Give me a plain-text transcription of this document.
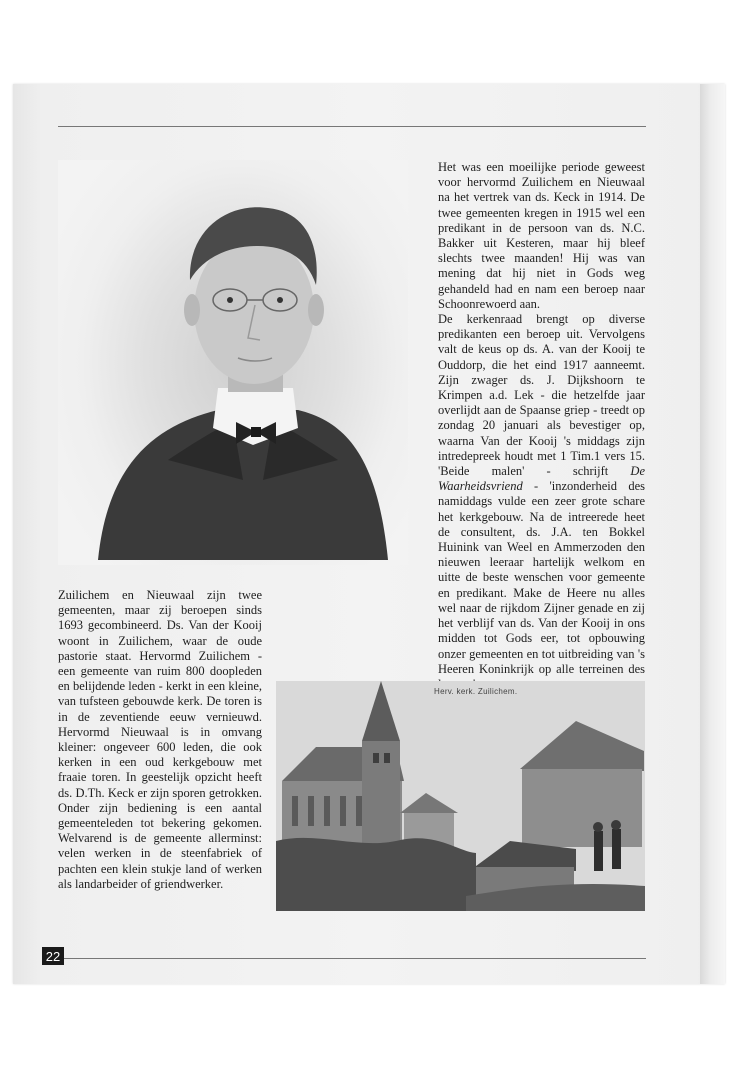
Het was een moeilijke periode geweest voor hervormd Zuilichem en Nieuwaal na het vertrek van ds. Keck in 1914. De twee gemeenten kregen in 1915 wel een predikant in de persoon van ds. N.C. Bakker uit Kesteren, maar hij bleef slechts twee maanden! Hij was van mening dat hij niet in Gods weg gehandeld had en nam een beroep naar Schoonrewoerd aan.

De kerkenraad brengt op diverse predikanten een beroep uit. Vervolgens valt de keus op ds. A. van der Kooij te Ouddorp, die het eind 1917 aanneemt. Zijn zwager ds. J. Dijkshoorn te Krimpen a.d. Lek - die hetzelfde jaar overlijdt aan de Spaanse griep - treedt op zondag 20 januari als bevestiger op, waarna Van der Kooij 's middags zijn intredepreek houdt met 1 Tim.1 vers 15. 'Beide malen' - schrijft De Waarheidsvriend - 'inzonderheid des namiddags vulde een zeer grote schare het kerkgebouw. Na de intreerede heet de consultent, ds. J.A. ten Bokkel Huinink van Weel en Ammerzoden den nieuwen leeraar hartelijk welkom en uitte de beste wenschen voor gemeente en predikant. Make de Heere nu alles wel naar de rijkdom Zijner genade en zij het verblijf van ds. Van der Kooij in ons midden tot Gods eer, tot opbouwing onzer gemeenten en tot uitbreiding van 's Heeren Koninkrijk op alle terreinen des

Zuilichem en Nieuwaal zijn twee gemeenten, maar zij beroepen sinds 1693 gecombineerd. Ds. Van der Kooij woont in Zuilichem, waar de oude pastorie staat. Hervormd Zuilichem - een gemeente van ruim 800 doopleden en belijdende leden - kerkt in een kleine, van tufsteen gebouwde kerk. De toren is in de zeventiende eeuw vernieuwd. Hervormd Nieuwaal is in omvang kleiner: ongeveer 600 leden, die ook kerken in een oud kerkgebouw met fraaie toren. In geestelijk opzicht heeft ds. D.Th. Keck er zijn sporen getrokken. Onder zijn bediening is een aantal gemeenteleden tot bekering gekomen. Welvarend is de gemeente allerminst: velen werken in de steenfabriek of pachten een klein stukje land of werken als landarbeider of griendwerker.

Herv. kerk. Zuilichem.
22
